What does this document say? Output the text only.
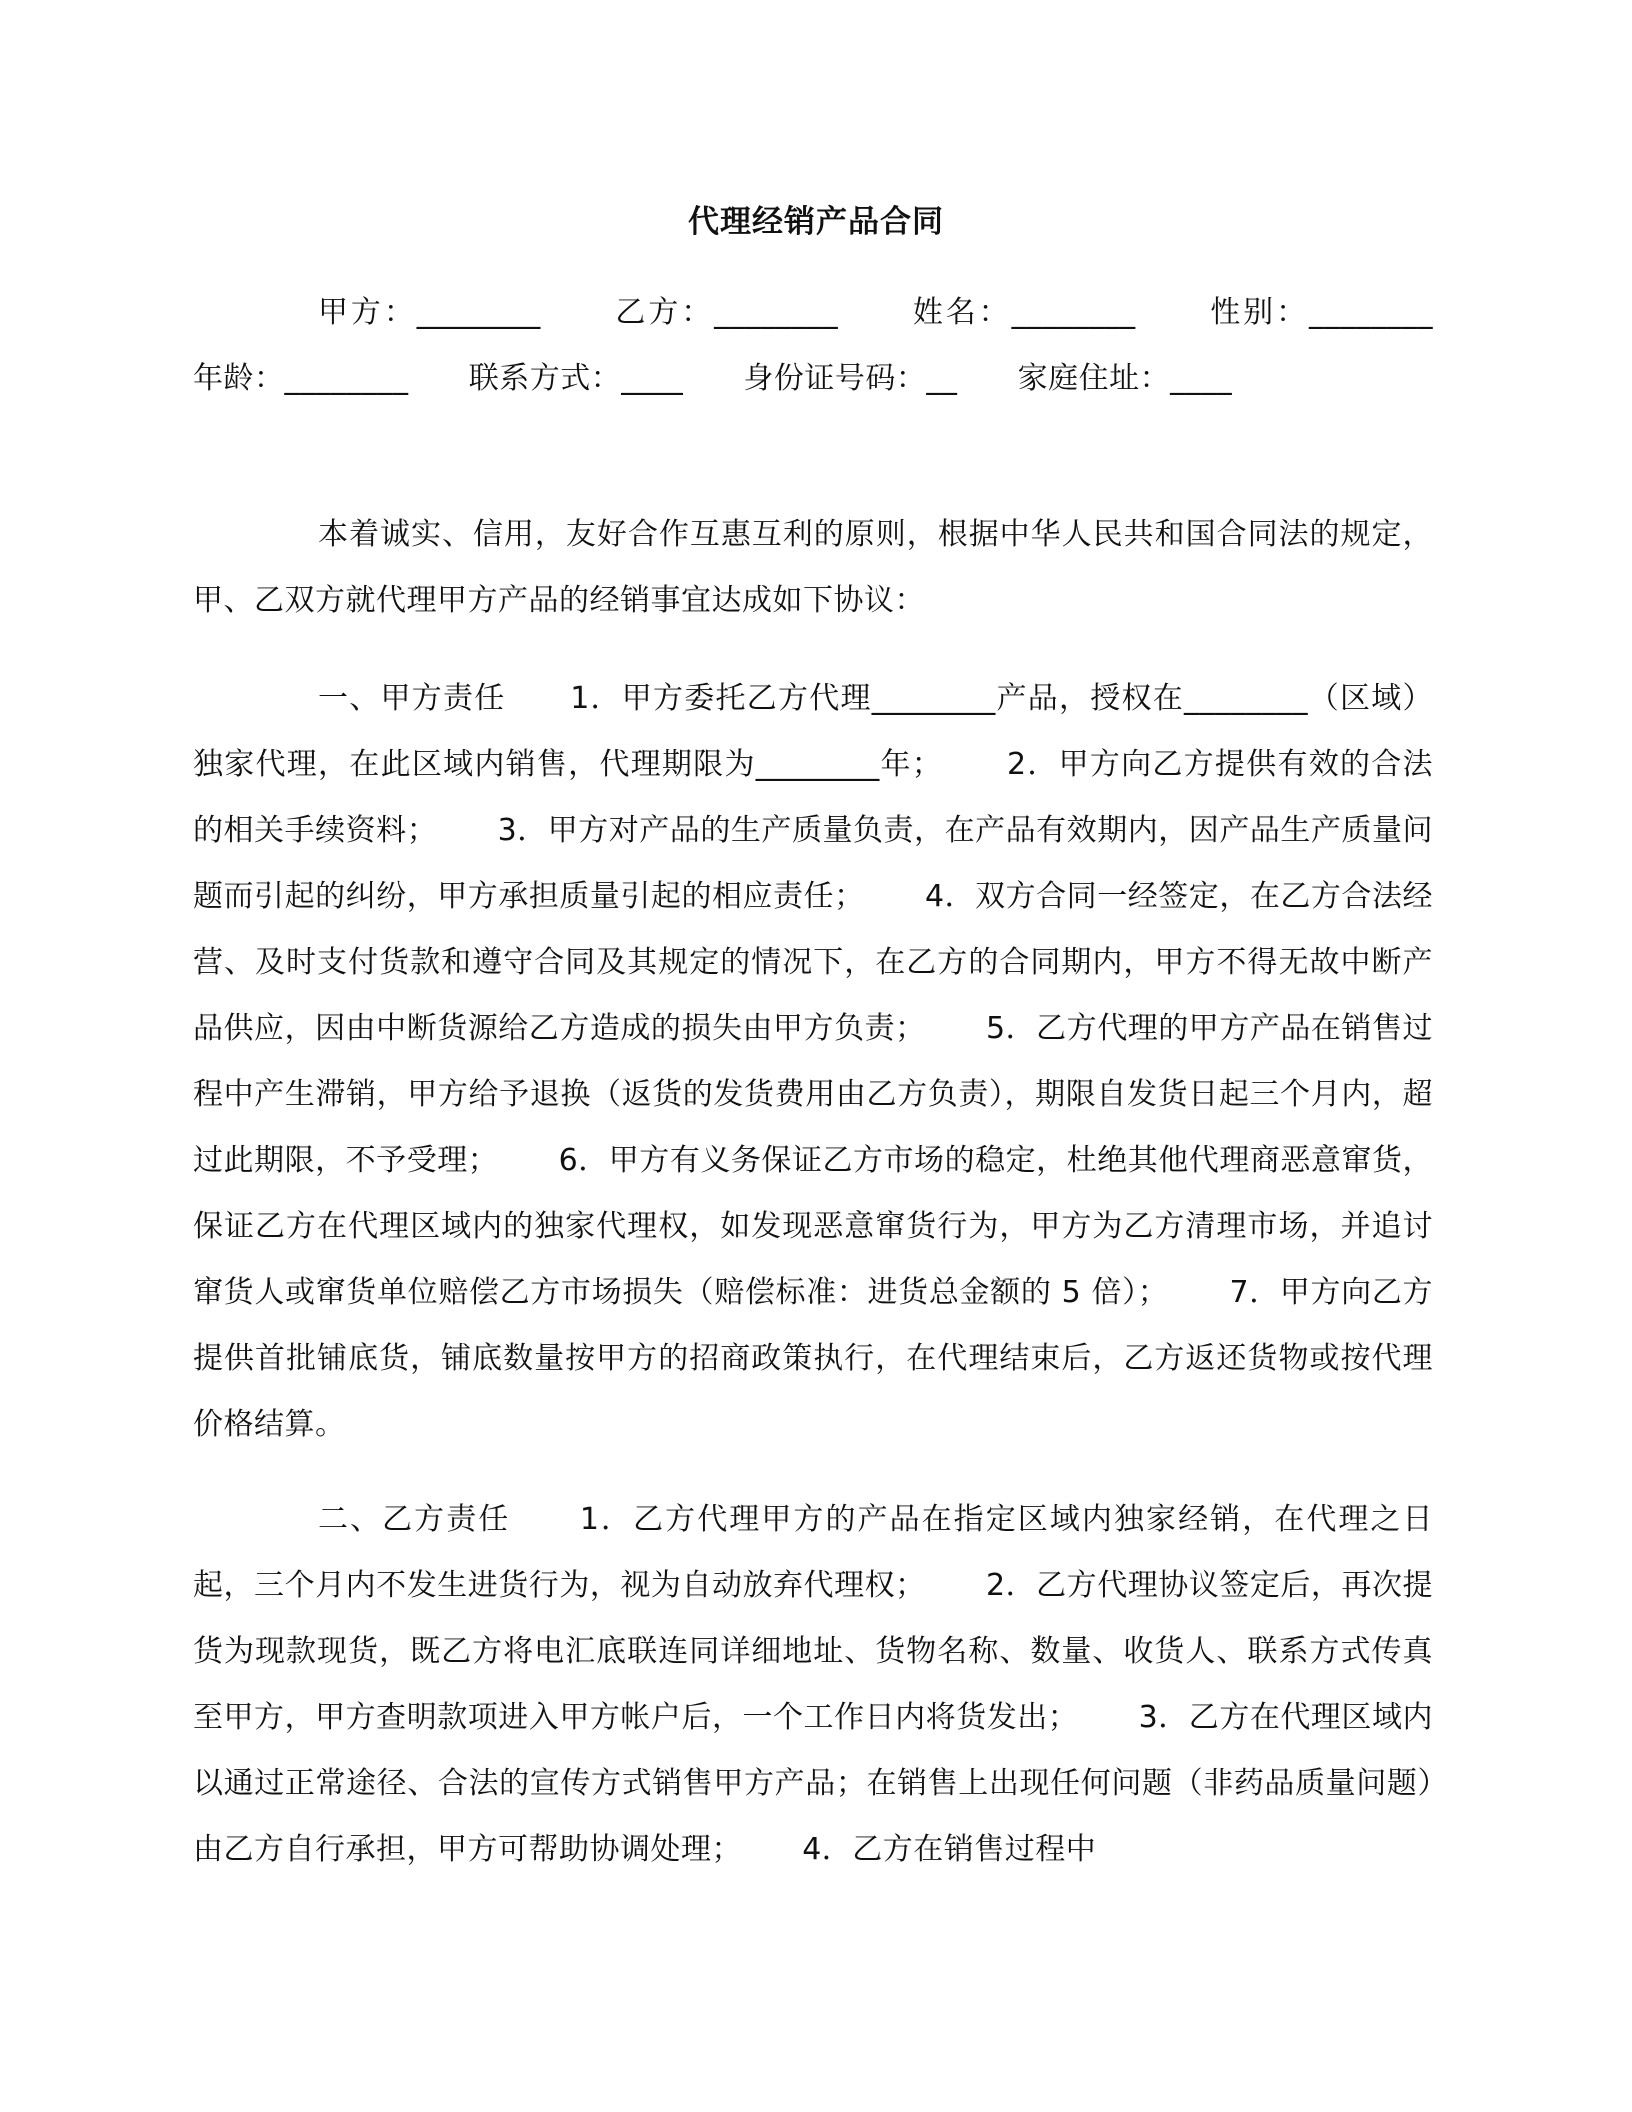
代理经销产品合同
甲方：________      乙方：________      姓名：________      性别：________      年龄：________      联系方式：____      身份证号码：__      家庭住址：____
本着诚实、信用，友好合作互惠互利的原则，根据中华人民共和国合同法的规定，甲、乙双方就代理甲方产品的经销事宜达成如下协议：
一、甲方责任      1．甲方委托乙方代理________产品，授权在________（区域）独家代理，在此区域内销售，代理期限为________年；      2．甲方向乙方提供有效的合法的相关手续资料；      3．甲方对产品的生产质量负责，在产品有效期内，因产品生产质量问题而引起的纠纷，甲方承担质量引起的相应责任；      4．双方合同一经签定，在乙方合法经营、及时支付货款和遵守合同及其规定的情况下，在乙方的合同期内，甲方不得无故中断产品供应，因由中断货源给乙方造成的损失由甲方负责；      5．乙方代理的甲方产品在销售过程中产生滞销，甲方给予退换（返货的发货费用由乙方负责），期限自发货日起三个月内，超过此期限，不予受理；      6．甲方有义务保证乙方市场的稳定，杜绝其他代理商恶意窜货，保证乙方在代理区域内的独家代理权，如发现恶意窜货行为，甲方为乙方清理市场，并追讨窜货人或窜货单位赔偿乙方市场损失（赔偿标准：进货总金额的 5 倍）；      7．甲方向乙方提供首批铺底货，铺底数量按甲方的招商政策执行，在代理结束后，乙方返还货物或按代理价格结算。
二、乙方责任      1．乙方代理甲方的产品在指定区域内独家经销，在代理之日起，三个月内不发生进货行为，视为自动放弃代理权；      2．乙方代理协议签定后，再次提货为现款现货，既乙方将电汇底联连同详细地址、货物名称、数量、收货人、联系方式传真至甲方，甲方查明款项进入甲方帐户后，一个工作日内将货发出；      3．乙方在代理区域内以通过正常途径、合法的宣传方式销售甲方产品；在销售上出现任何问题（非药品质量问题）由乙方自行承担，甲方可帮助协调处理；      4．乙方在销售过程中
